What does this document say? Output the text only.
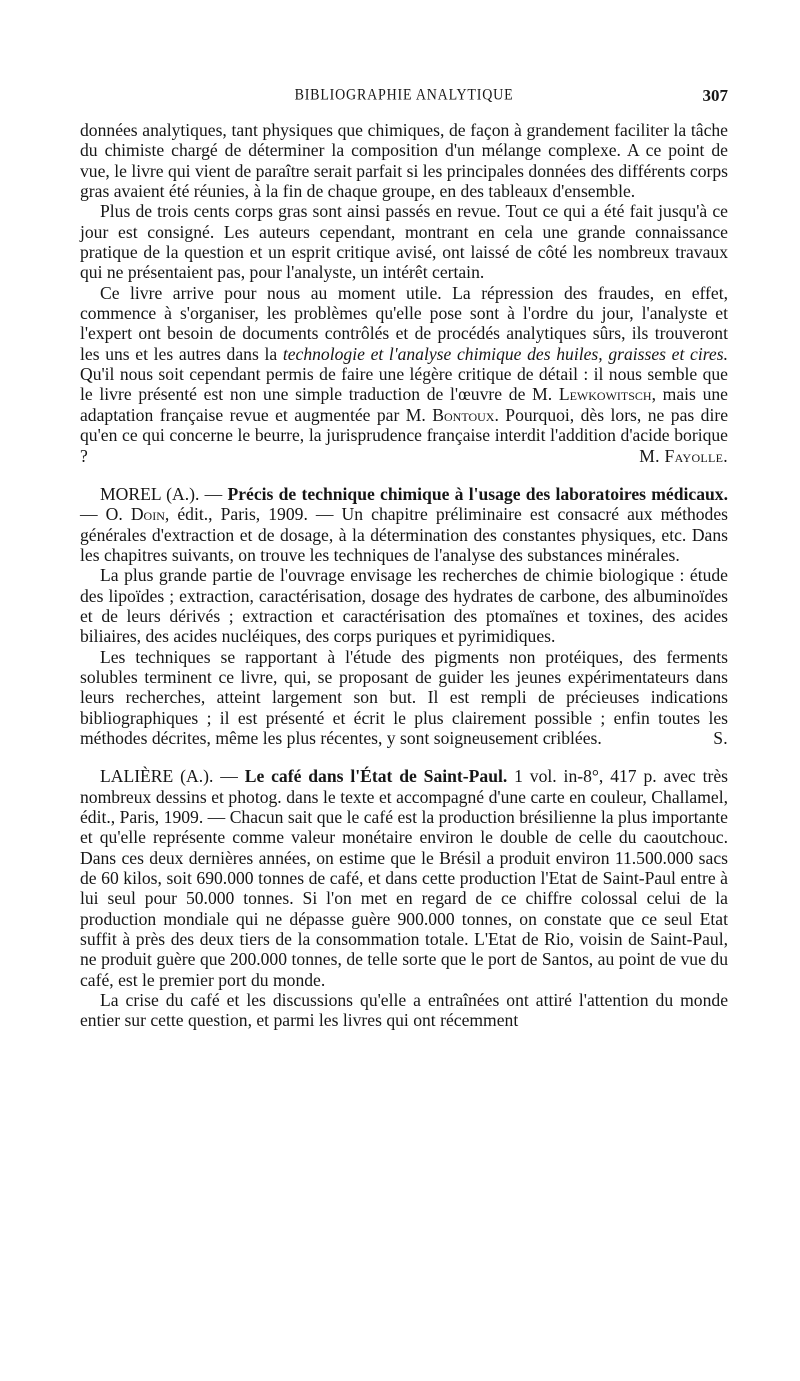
BIBLIOGRAPHIE ANALYTIQUE	307

données analytiques, tant physiques que chimiques, de façon à grandement faciliter la tâche du chimiste chargé de déterminer la composition d'un mélange complexe. A ce point de vue, le livre qui vient de paraître serait parfait si les principales données des différents corps gras avaient été réunies, à la fin de chaque groupe, en des tableaux d'ensemble.

Plus de trois cents corps gras sont ainsi passés en revue. Tout ce qui a été fait jusqu'à ce jour est consigné. Les auteurs cependant, montrant en cela une grande connaissance pratique de la question et un esprit critique avisé, ont laissé de côté les nombreux travaux qui ne présentaient pas, pour l'analyste, un intérêt certain.

Ce livre arrive pour nous au moment utile. La répression des fraudes, en effet, commence à s'organiser, les problèmes qu'elle pose sont à l'ordre du jour, l'analyste et l'expert ont besoin de documents contrôlés et de procédés analytiques sûrs, ils trouveront les uns et les autres dans la technologie et l'analyse chimique des huiles, graisses et cires. Qu'il nous soit cependant permis de faire une légère critique de détail : il nous semble que le livre présenté est non une simple traduction de l'œuvre de M. Lewkowitsch, mais une adaptation française revue et augmentée par M. Bontoux. Pourquoi, dès lors, ne pas dire qu'en ce qui concerne le beurre, la jurisprudence française interdit l'addition d'acide borique ?	M. Fayolle.

MOREL (A.). — Précis de technique chimique à l'usage des laboratoires médicaux. — O. Doin, édit., Paris, 1909. — Un chapitre préliminaire est consacré aux méthodes générales d'extraction et de dosage, à la détermination des constantes physiques, etc. Dans les chapitres suivants, on trouve les techniques de l'analyse des substances minérales.

La plus grande partie de l'ouvrage envisage les recherches de chimie biologique : étude des lipoïdes ; extraction, caractérisation, dosage des hydrates de carbone, des albuminoïdes et de leurs dérivés ; extraction et caractérisation des ptomaïnes et toxines, des acides biliaires, des acides nucléiques, des corps puriques et pyrimidiques.

Les techniques se rapportant à l'étude des pigments non protéiques, des ferments solubles terminent ce livre, qui, se proposant de guider les jeunes expérimentateurs dans leurs recherches, atteint largement son but. Il est rempli de précieuses indications bibliographiques ; il est présenté et écrit le plus clairement possible ; enfin toutes les méthodes décrites, même les plus récentes, y sont soigneusement criblées.	S.

LALIÈRE (A.). — Le café dans l'État de Saint-Paul. 1 vol. in-8°, 417 p. avec très nombreux dessins et photog. dans le texte et accompagné d'une carte en couleur, Challamel, édit., Paris, 1909. — Chacun sait que le café est la production brésilienne la plus importante et qu'elle représente comme valeur monétaire environ le double de celle du caoutchouc. Dans ces deux dernières années, on estime que le Brésil a produit environ 11.500.000 sacs de 60 kilos, soit 690.000 tonnes de café, et dans cette production l'Etat de Saint-Paul entre à lui seul pour 50.000 tonnes. Si l'on met en regard de ce chiffre colossal celui de la production mondiale qui ne dépasse guère 900.000 tonnes, on constate que ce seul Etat suffit à près des deux tiers de la consommation totale. L'Etat de Rio, voisin de Saint-Paul, ne produit guère que 200.000 tonnes, de telle sorte que le port de Santos, au point de vue du café, est le premier port du monde.

La crise du café et les discussions qu'elle a entraînées ont attiré l'attention du monde entier sur cette question, et parmi les livres qui ont récemment
